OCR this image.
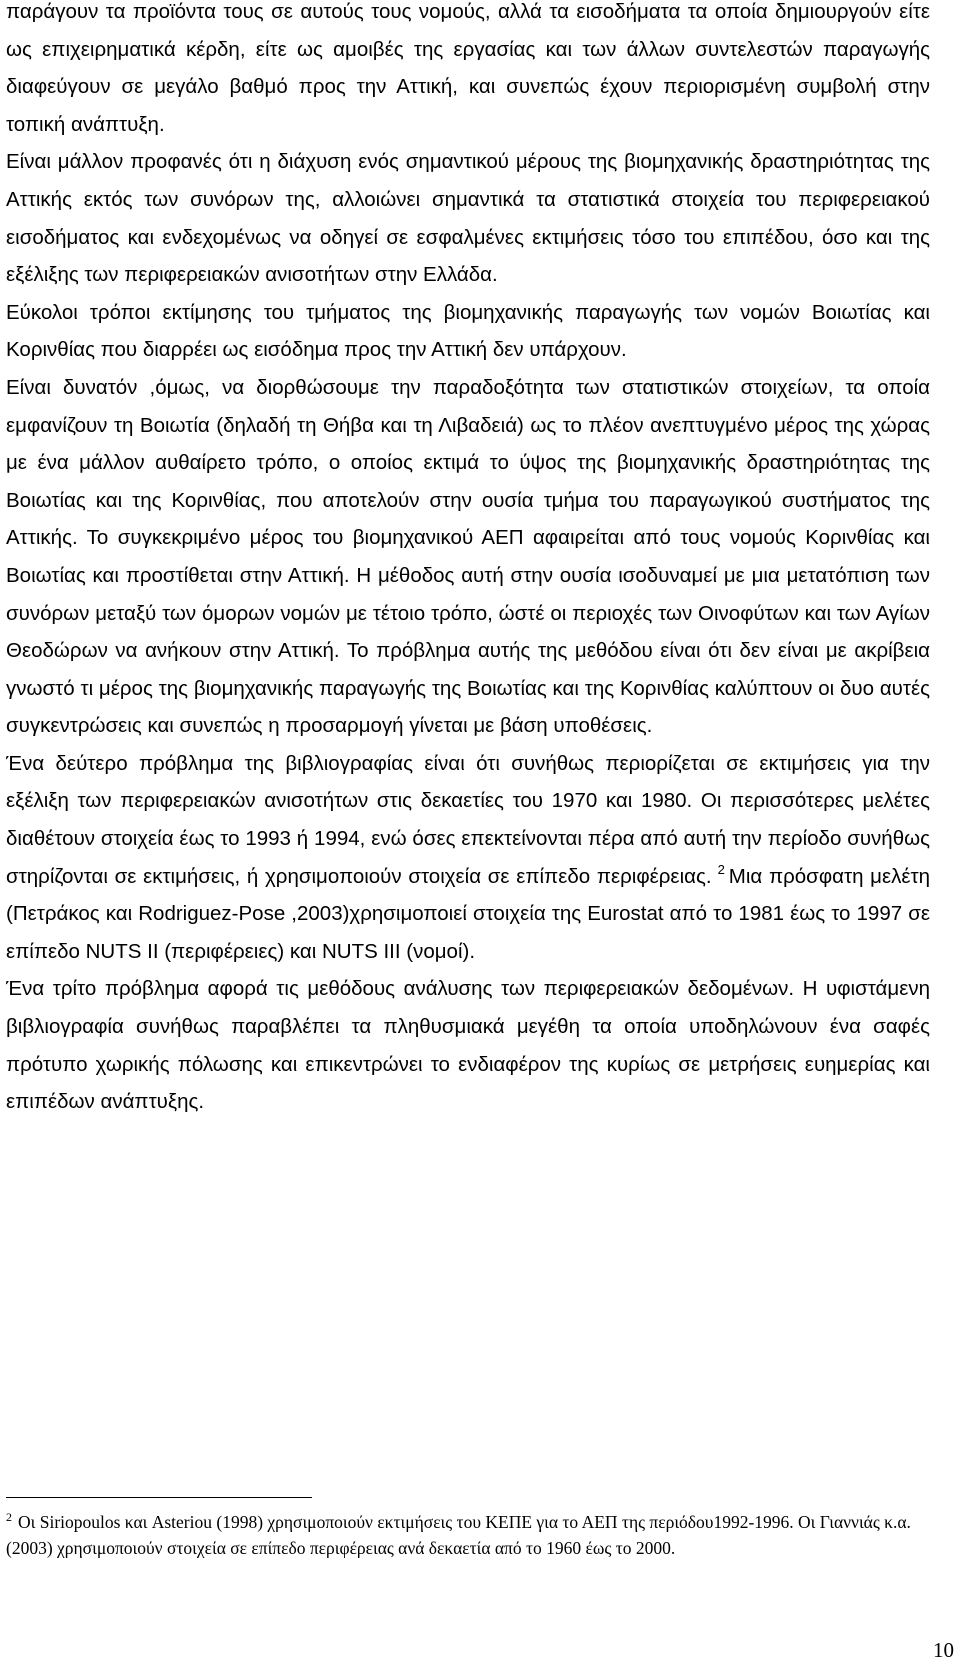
παράγουν τα προϊόντα τους σε αυτούς τους νομούς, αλλά τα εισοδήματα τα οποία δημιουργούν είτε ως επιχειρηματικά κέρδη, είτε ως αμοιβές της εργασίας και των άλλων συντελεστών παραγωγής διαφεύγουν σε μεγάλο βαθμό προς την Αττική, και συνεπώς έχουν περιορισμένη συμβολή στην τοπική ανάπτυξη.

Είναι μάλλον προφανές ότι η διάχυση ενός σημαντικού μέρους της βιομηχανικής δραστηριότητας της Αττικής εκτός των συνόρων της, αλλοιώνει σημαντικά τα στατιστικά στοιχεία του περιφερειακού εισοδήματος και ενδεχομένως να οδηγεί σε εσφαλμένες εκτιμήσεις τόσο του επιπέδου, όσο και της εξέλιξης των περιφερειακών ανισοτήτων στην Ελλάδα.

Εύκολοι τρόποι εκτίμησης του τμήματος της βιομηχανικής παραγωγής των νομών Βοιωτίας και Κορινθίας που διαρρέει ως εισόδημα προς την Αττική δεν υπάρχουν.

Είναι δυνατόν ,όμως, να διορθώσουμε την παραδοξότητα των στατιστικών στοιχείων, τα οποία εμφανίζουν τη Βοιωτία (δηλαδή τη Θήβα και τη Λιβαδειά) ως το πλέον ανεπτυγμένο μέρος της χώρας με ένα μάλλον αυθαίρετο τρόπο, ο οποίος εκτιμά το ύψος της βιομηχανικής δραστηριότητας της Βοιωτίας και της Κορινθίας, που αποτελούν στην ουσία τμήμα του παραγωγικού συστήματος της Αττικής. Το συγκεκριμένο μέρος του βιομηχανικού ΑΕΠ αφαιρείται από τους νομούς Κορινθίας και Βοιωτίας και προστίθεται στην Αττική. Η μέθοδος αυτή στην ουσία ισοδυναμεί με μια μετατόπιση των συνόρων μεταξύ των όμορων νομών με τέτοιο τρόπο, ώστέ οι περιοχές των Οινοφύτων και των Αγίων Θεοδώρων να ανήκουν στην Αττική. Το πρόβλημα αυτής της μεθόδου είναι ότι δεν είναι με ακρίβεια γνωστό τι μέρος της βιομηχανικής παραγωγής της Βοιωτίας και της Κορινθίας καλύπτουν οι δυο αυτές συγκεντρώσεις και συνεπώς η προσαρμογή γίνεται με βάση υποθέσεις.

Ένα δεύτερο πρόβλημα της βιβλιογραφίας είναι ότι συνήθως περιορίζεται σε εκτιμήσεις για την εξέλιξη των περιφερειακών ανισοτήτων στις δεκαετίες του 1970 και 1980. Οι περισσότερες μελέτες διαθέτουν στοιχεία έως το 1993 ή 1994, ενώ όσες επεκτείνονται πέρα από αυτή την περίοδο συνήθως στηρίζονται σε εκτιμήσεις, ή χρησιμοποιούν στοιχεία σε επίπεδο περιφέρειας. $^2$ Μια πρόσφατη μελέτη (Πετράκος και Rodriguez-Pose ,2003)χρησιμοποιεί στοιχεία της Eurostat από το 1981 έως το 1997 σε επίπεδο NUTS II (περιφέρειες) και NUTS III (νομοί).

Ένα τρίτο πρόβλημα αφορά τις μεθόδους ανάλυσης των περιφερειακών δεδομένων. Η υφιστάμενη βιβλιογραφία συνήθως παραβλέπει τα πληθυσμιακά μεγέθη τα οποία υποδηλώνουν ένα σαφές πρότυπο χωρικής πόλωσης και επικεντρώνει το ενδιαφέρον της κυρίως σε μετρήσεις ευημερίας και επιπέδων ανάπτυξης.

$^2$ Οι Siriopoulos και Asteriou (1998) χρησιμοποιούν εκτιμήσεις του ΚΕΠΕ για το ΑΕΠ της περιόδου1992-1996. Οι Γιαννιάς κ.α. (2003) χρησιμοποιούν στοιχεία σε επίπεδο περιφέρειας ανά δεκαετία από το 1960 έως το 2000.
10
